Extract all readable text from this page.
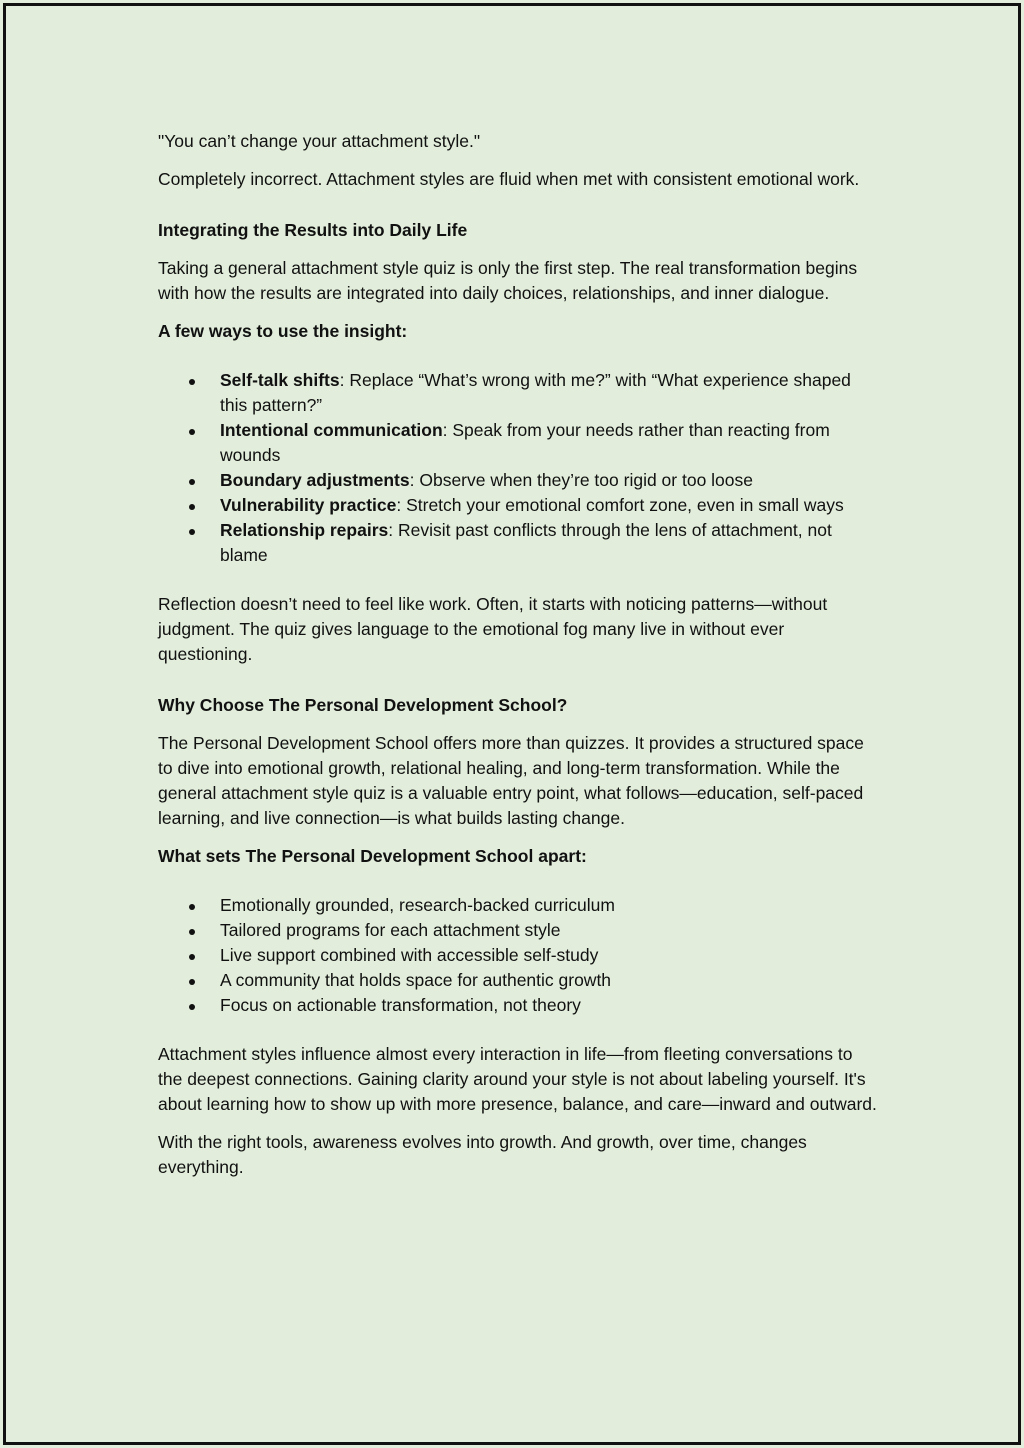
"You can’t change your attachment style."

Completely incorrect. Attachment styles are fluid when met with consistent emotional work.

Integrating the Results into Daily Life

Taking a general attachment style quiz is only the first step. The real transformation begins with how the results are integrated into daily choices, relationships, and inner dialogue.

A few ways to use the insight:

Self-talk shifts: Replace “What’s wrong with me?” with “What experience shaped this pattern?”
Intentional communication: Speak from your needs rather than reacting from wounds
Boundary adjustments: Observe when they’re too rigid or too loose
Vulnerability practice: Stretch your emotional comfort zone, even in small ways
Relationship repairs: Revisit past conflicts through the lens of attachment, not blame

Reflection doesn’t need to feel like work. Often, it starts with noticing patterns—without judgment. The quiz gives language to the emotional fog many live in without ever questioning.

Why Choose The Personal Development School?

The Personal Development School offers more than quizzes. It provides a structured space to dive into emotional growth, relational healing, and long-term transformation. While the general attachment style quiz is a valuable entry point, what follows—education, self-paced learning, and live connection—is what builds lasting change.

What sets The Personal Development School apart:

Emotionally grounded, research-backed curriculum
Tailored programs for each attachment style
Live support combined with accessible self-study
A community that holds space for authentic growth
Focus on actionable transformation, not theory

Attachment styles influence almost every interaction in life—from fleeting conversations to the deepest connections. Gaining clarity around your style is not about labeling yourself. It's about learning how to show up with more presence, balance, and care—inward and outward.

With the right tools, awareness evolves into growth. And growth, over time, changes everything.
